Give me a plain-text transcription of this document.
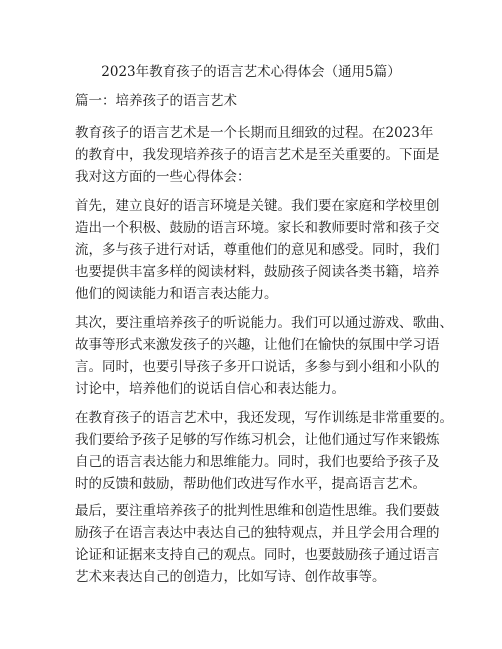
2023年教育孩子的语言艺术心得体会（通用5篇）
篇一：培养孩子的语言艺术
教育孩子的语言艺术是一个长期而且细致的过程。在2023年
的教育中，我发现培养孩子的语言艺术是至关重要的。下面是
我对这方面的一些心得体会：
首先，建立良好的语言环境是关键。我们要在家庭和学校里创
造出一个积极、鼓励的语言环境。家长和教师要时常和孩子交
流，多与孩子进行对话，尊重他们的意见和感受。同时，我们
也要提供丰富多样的阅读材料，鼓励孩子阅读各类书籍，培养
他们的阅读能力和语言表达能力。
其次，要注重培养孩子的听说能力。我们可以通过游戏、歌曲、
故事等形式来激发孩子的兴趣，让他们在愉快的氛围中学习语
言。同时，也要引导孩子多开口说话，多参与到小组和小队的
讨论中，培养他们的说话自信心和表达能力。
在教育孩子的语言艺术中，我还发现，写作训练是非常重要的。
我们要给予孩子足够的写作练习机会，让他们通过写作来锻炼
自己的语言表达能力和思维能力。同时，我们也要给予孩子及
时的反馈和鼓励，帮助他们改进写作水平，提高语言艺术。
最后，要注重培养孩子的批判性思维和创造性思维。我们要鼓
励孩子在语言表达中表达自己的独特观点，并且学会用合理的
论证和证据来支持自己的观点。同时，也要鼓励孩子通过语言
艺术来表达自己的创造力，比如写诗、创作故事等。
